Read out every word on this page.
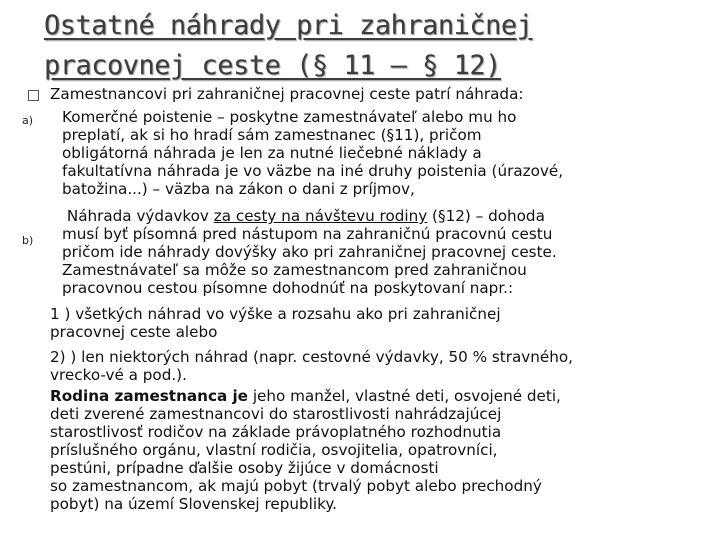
Ostatné náhrady pri zahraničnej
pracovnej ceste (§ 11 – § 12)
a)
b)
Zamestnancovi pri zahraničnej pracovnej ceste patrí náhrada:
Komerčné poistenie – poskytne zamestnávateľ alebo mu ho
preplatí, ak si ho hradí sám zamestnanec (§11), pričom
obligátorná náhrada je len za nutné liečebné náklady a
fakultatívna náhrada je vo väzbe na iné druhy poistenia (úrazové,
batožina...) – väzba na zákon o dani z príjmov,
Náhrada výdavkov za cesty na návštevu rodiny (§12) – dohoda
musí byť písomná pred nástupom na zahraničnú pracovnú cestu
pričom ide náhrady dovýšky ako pri zahraničnej pracovnej ceste.
Zamestnávateľ sa môže so zamestnancom pred zahraničnou
pracovnou cestou písomne dohodnúť na poskytovaní napr.:
1 ) všetkých náhrad vo výške a rozsahu ako pri zahraničnej
pracovnej ceste alebo
2) ) len niektorých náhrad (napr. cestovné výdavky, 50 % stravného,
vrecko-vé a pod.).
Rodina zamestnanca je jeho manžel, vlastné deti, osvojené deti,
deti zverené zamestnancovi do starostlivosti nahrádzajúcej
starostlivosť rodičov na základe právoplatného rozhodnutia
príslušného orgánu, vlastní rodičia, osvojitelia, opatrovníci,
pestúni, prípadne ďalšie osoby žijúce v domácnosti
so zamestnancom, ak majú pobyt (trvalý pobyt alebo prechodný
pobyt) na území Slovenskej republiky.
